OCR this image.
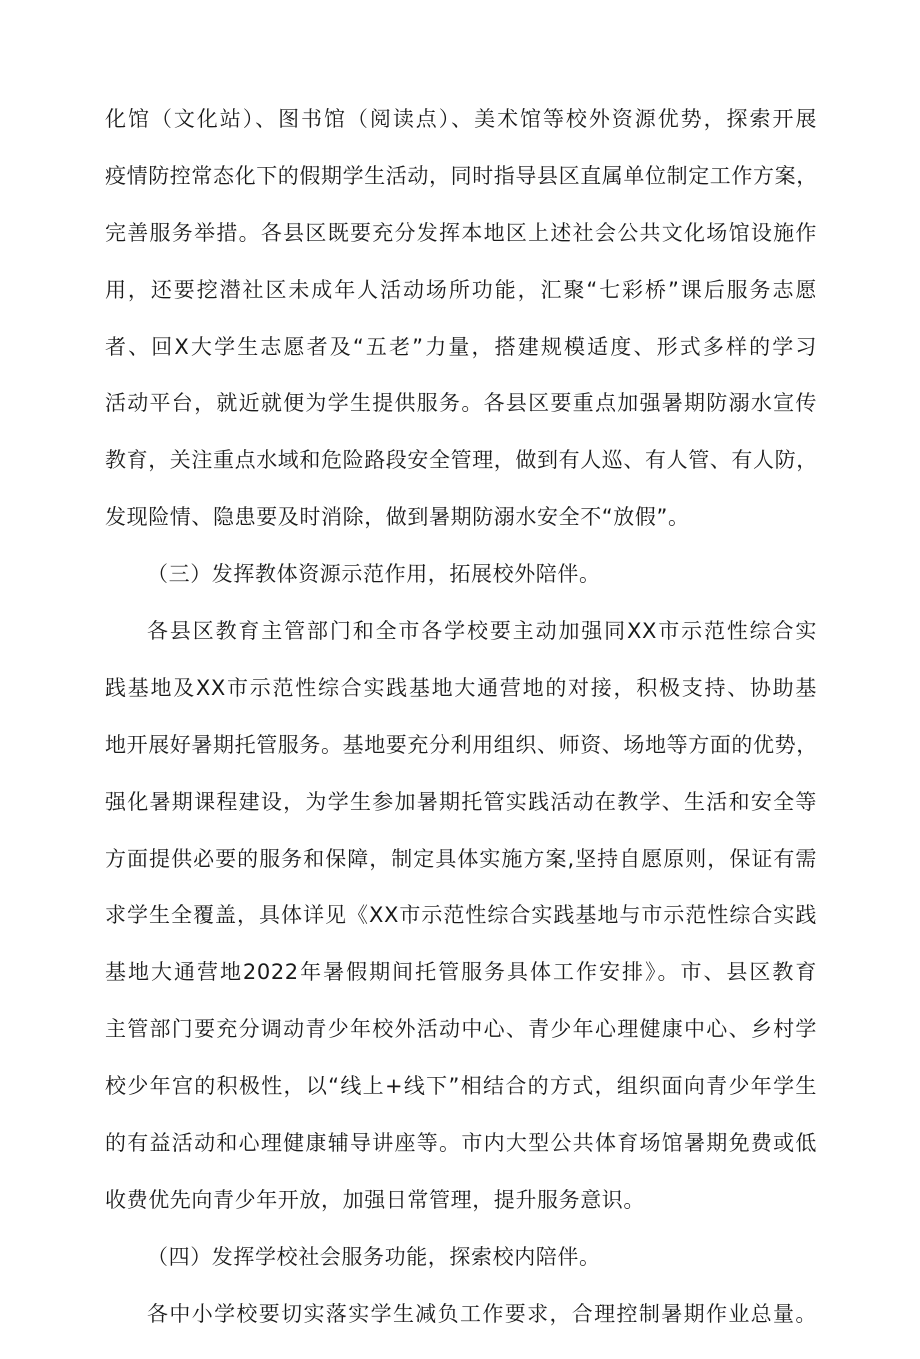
化馆（文化站）、图书馆（阅读点）、美术馆等校外资源优势，探索开展
疫情防控常态化下的假期学生活动，同时指导县区直属单位制定工作方案，
完善服务举措。各县区既要充分发挥本地区上述社会公共文化场馆设施作
用，还要挖潜社区未成年人活动场所功能，汇聚“七彩桥”课后服务志愿
者、回X大学生志愿者及“五老”力量，搭建规模适度、形式多样的学习
活动平台，就近就便为学生提供服务。各县区要重点加强暑期防溺水宣传
教育，关注重点水域和危险路段安全管理，做到有人巡、有人管、有人防，
发现险情、隐患要及时消除，做到暑期防溺水安全不“放假”。
（三）发挥教体资源示范作用，拓展校外陪伴。
各县区教育主管部门和全市各学校要主动加强同XX市示范性综合实
践基地及XX市示范性综合实践基地大通营地的对接，积极支持、协助基
地开展好暑期托管服务。基地要充分利用组织、师资、场地等方面的优势，
强化暑期课程建设，为学生参加暑期托管实践活动在教学、生活和安全等
方面提供必要的服务和保障，制定具体实施方案,坚持自愿原则，保证有需
求学生全覆盖，具体详见《XX市示范性综合实践基地与市示范性综合实践
基地大通营地2022年暑假期间托管服务具体工作安排》。市、县区教育
主管部门要充分调动青少年校外活动中心、青少年心理健康中心、乡村学
校少年宫的积极性，以“线上+线下”相结合的方式，组织面向青少年学生
的有益活动和心理健康辅导讲座等。市内大型公共体育场馆暑期免费或低
收费优先向青少年开放，加强日常管理，提升服务意识。
（四）发挥学校社会服务功能，探索校内陪伴。
各中小学校要切实落实学生减负工作要求，合理控制暑期作业总量。
